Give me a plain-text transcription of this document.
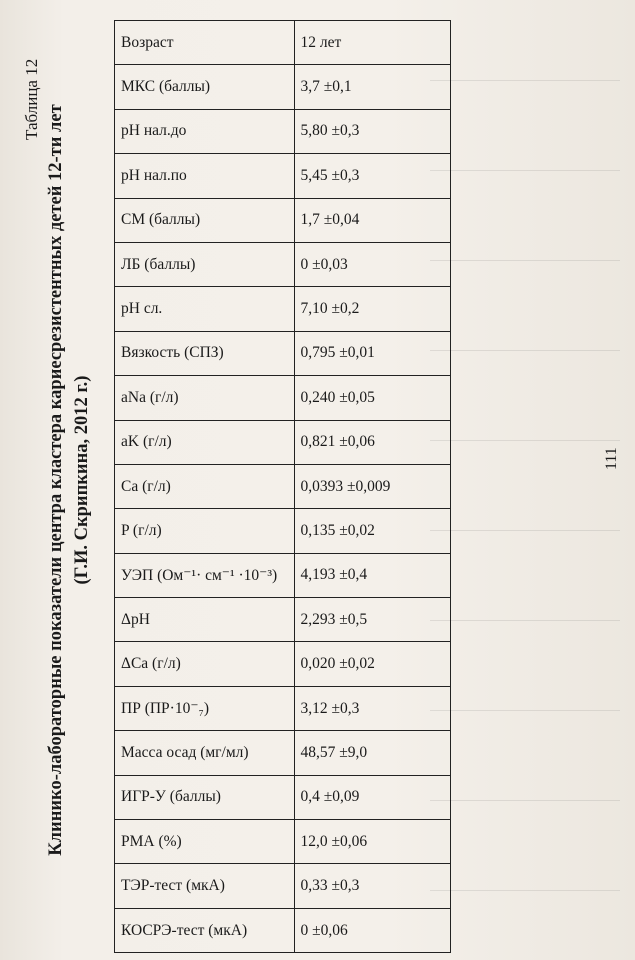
Таблица 12
Клинико-лабораторные показатели центра кластера кариесрезистентных детей 12-ти лет (Г.И. Скрипкина, 2012 г.)
Возраст	12 лет
МКС (баллы)	3,7 ±0,1
pH нал.до	5,80 ±0,3
pH нал.по	5,45 ±0,3
СМ (баллы)	1,7 ±0,04
ЛБ (баллы)	0 ±0,03
pH сл.	7,10 ±0,2
Вязкость (СПЗ)	0,795 ±0,01
aNa (г/л)	0,240 ±0,05
aK (г/л)	0,821 ±0,06
Ca (г/л)	0,0393 ±0,009
P (г/л)	0,135 ±0,02
УЭП (Ом⁻¹· см⁻¹ ·10⁻³)	4,193 ±0,4
ΔpH	2,293 ±0,5
ΔCa (г/л)	0,020 ±0,02
ПР (ПР·10⁻₇)	3,12 ±0,3
Масса осад (мг/мл)	48,57 ±9,0
ИГР-У (баллы)	0,4 ±0,09
РМА (%)	12,0 ±0,06
ТЭР-тест (мкА)	0,33 ±0,3
КОСРЭ-тест (мкА)	0 ±0,06
111
